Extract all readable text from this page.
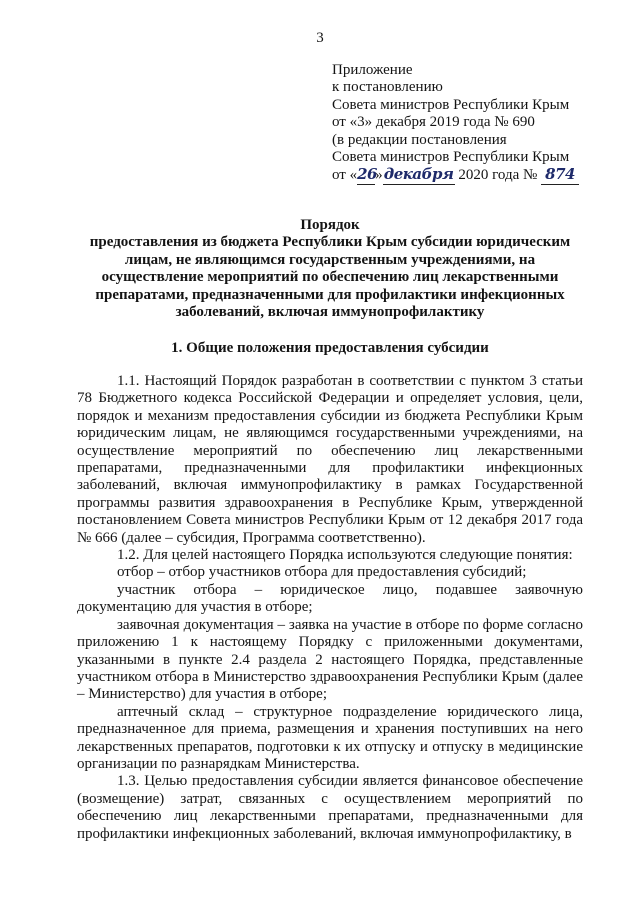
3
Приложение
к постановлению
Совета министров Республики Крым
от «3» декабря 2019 года № 690
(в редакции постановления
Совета министров Республики Крым
от «26»декабря 2020 года № 874
Порядок
предоставления из бюджета Республики Крым субсидии юридическим
лицам, не являющимся государственным учреждениями, на
осуществление мероприятий по обеспечению лиц лекарственными
препаратами, предназначенными для профилактики инфекционных
заболеваний, включая иммунопрофилактику
1. Общие положения предоставления субсидии

1.1. Настоящий Порядок разработан в соответствии с пунктом 3 статьи 78 Бюджетного кодекса Российской Федерации и определяет условия, цели, порядок и механизм предоставления субсидии из бюджета Республики Крым юридическим лицам, не являющимся государственными учреждениями, на осуществление мероприятий по обеспечению лиц лекарственными препаратами, предназначенными для профилактики инфекционных заболеваний, включая иммунопрофилактику в рамках Государственной программы развития здравоохранения в Республике Крым, утвержденной постановлением Совета министров Республики Крым от 12 декабря 2017 года № 666 (далее – субсидия, Программа соответственно).

1.2. Для целей настоящего Порядка используются следующие понятия:

отбор – отбор участников отбора для предоставления субсидий;

участник отбора – юридическое лицо, подавшее заявочную документацию для участия в отборе;

заявочная документация – заявка на участие в отборе по форме согласно приложению 1 к настоящему Порядку с приложенными документами, указанными в пункте 2.4 раздела 2 настоящего Порядка, представленные участником отбора в Министерство здравоохранения Республики Крым (далее – Министерство) для участия в отборе;

аптечный склад – структурное подразделение юридического лица, предназначенное для приема, размещения и хранения поступивших на него лекарственных препаратов, подготовки к их отпуску и отпуску в медицинские организации по разнарядкам Министерства.

1.3. Целью предоставления субсидии является финансовое обеспечение (возмещение) затрат, связанных с осуществлением мероприятий по обеспечению лиц лекарственными препаратами, предназначенными для профилактики инфекционных заболеваний, включая иммунопрофилактику, в
